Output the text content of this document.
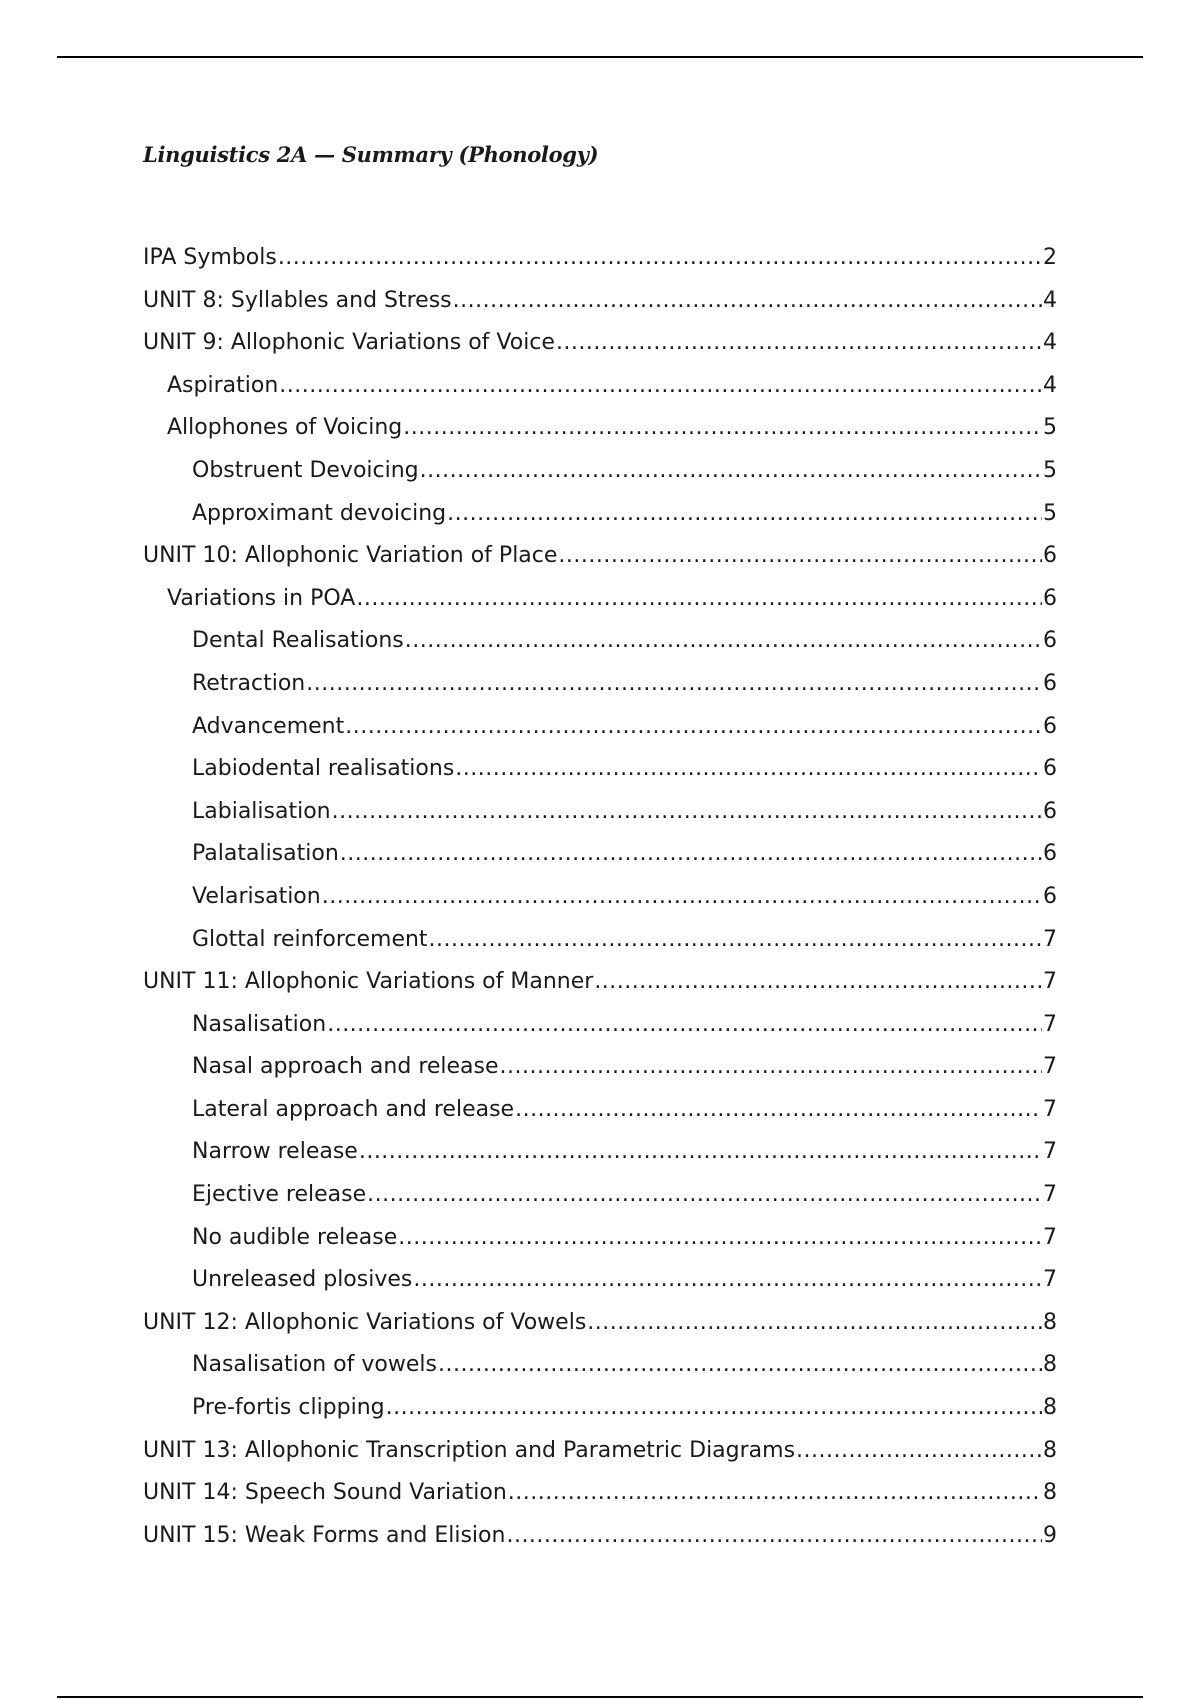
Linguistics 2A — Summary (Phonology)
IPA Symbols .....	2
UNIT 8: Syllables and Stress .....	4
UNIT 9: Allophonic Variations of Voice .....	4
Aspiration .....	4
Allophones of Voicing .....	5
Obstruent Devoicing .....	5
Approximant devoicing .....	5
UNIT 10: Allophonic Variation of Place .....	6
Variations in POA .....	6
Dental Realisations .....	6
Retraction .....	6
Advancement .....	6
Labiodental realisations .....	6
Labialisation .....	6
Palatalisation .....	6
Velarisation .....	6
Glottal reinforcement .....	7
UNIT 11: Allophonic Variations of Manner .....	7
Nasalisation .....	7
Nasal approach and release .....	7
Lateral approach and release .....	7
Narrow release .....	7
Ejective release .....	7
No audible release .....	7
Unreleased plosives .....	7
UNIT 12: Allophonic Variations of Vowels .....	8
Nasalisation of vowels .....	8
Pre-fortis clipping .....	8
UNIT 13: Allophonic Transcription and Parametric Diagrams .....	8
UNIT 14: Speech Sound Variation .....	8
UNIT 15: Weak Forms and Elision .....	9
